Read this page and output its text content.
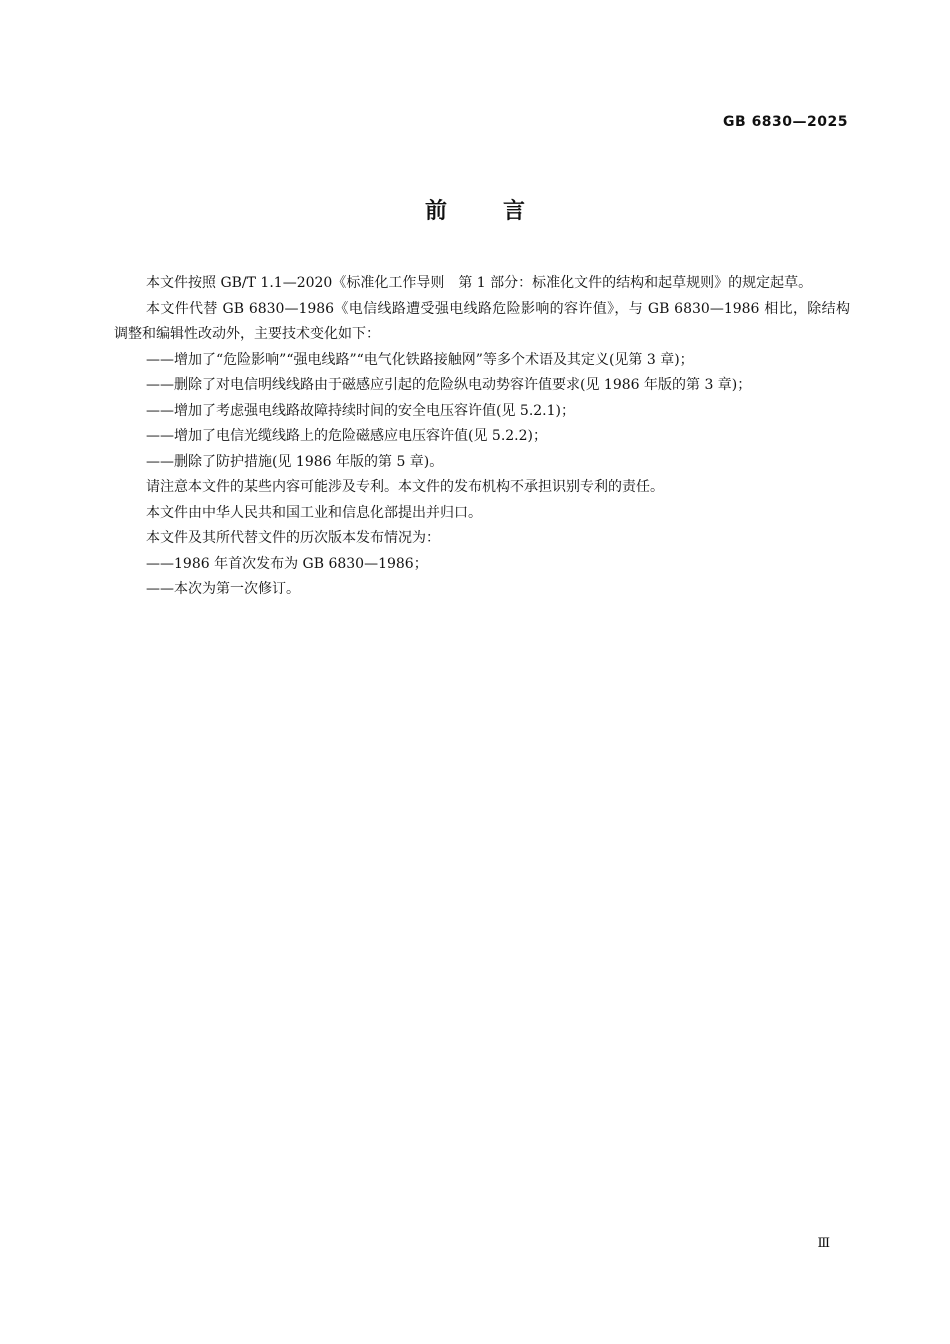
GB 6830—2025
前	言

本文件按照 GB/T 1.1—2020《标准化工作导则　第 1 部分：标准化文件的结构和起草规则》的规定起草。

本文件代替 GB 6830—1986《电信线路遭受强电线路危险影响的容许值》，与 GB 6830—1986 相比，除结构调整和编辑性改动外，主要技术变化如下：

——增加了“危险影响”“强电线路”“电气化铁路接触网”等多个术语及其定义(见第 3 章)；

——删除了对电信明线线路由于磁感应引起的危险纵电动势容许值要求(见 1986 年版的第 3 章)；

——增加了考虑强电线路故障持续时间的安全电压容许值(见 5.2.1)；

——增加了电信光缆线路上的危险磁感应电压容许值(见 5.2.2)；

——删除了防护措施(见 1986 年版的第 5 章)。

请注意本文件的某些内容可能涉及专利。本文件的发布机构不承担识别专利的责任。

本文件由中华人民共和国工业和信息化部提出并归口。

本文件及其所代替文件的历次版本发布情况为：

——1986 年首次发布为 GB 6830—1986；

——本次为第一次修订。

Ⅲ
